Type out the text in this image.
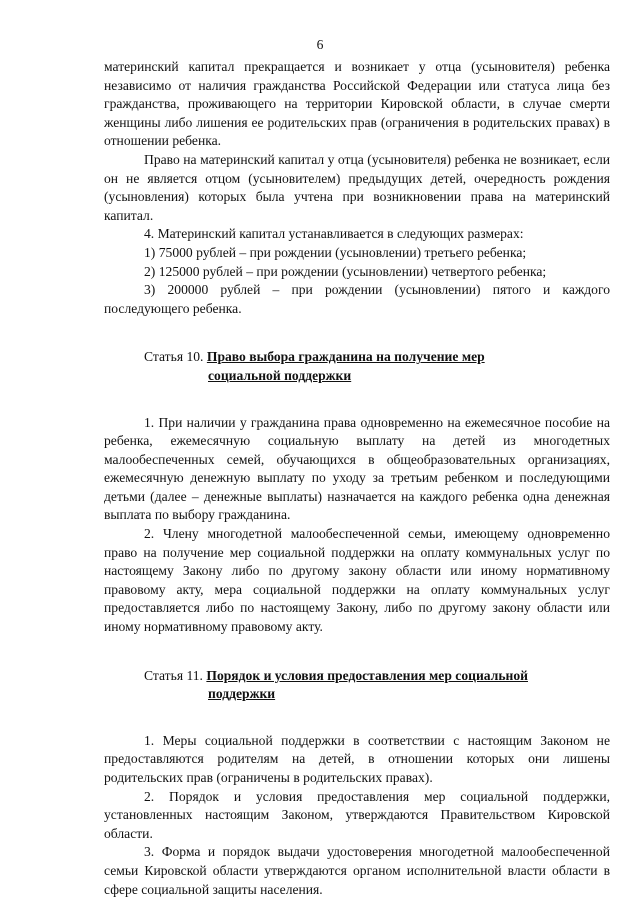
6

материнский капитал прекращается и возникает у отца (усыновителя) ребенка независимо от наличия гражданства Российской Федерации или статуса лица без гражданства, проживающего на территории Кировской области, в случае смерти женщины либо лишения ее родительских прав (ограничения в родительских правах) в отношении ребенка.

Право на материнский капитал у отца (усыновителя) ребенка не возникает, если он не является отцом (усыновителем) предыдущих детей, очередность рождения (усыновления) которых была учтена при возникновении права на материнский капитал.

4. Материнский капитал устанавливается в следующих размерах:

1) 75000 рублей – при рождении (усыновлении) третьего ребенка;

2) 125000 рублей – при рождении (усыновлении) четвертого ребенка;

3) 200000 рублей – при рождении (усыновлении) пятого и каждого последующего ребенка.

Статья 10. Право выбора гражданина на получение мер
социальной поддержки

1. При наличии у гражданина права одновременно на ежемесячное пособие на ребенка, ежемесячную социальную выплату на детей из многодетных малообеспеченных семей, обучающихся в общеобразовательных организациях, ежемесячную денежную выплату по уходу за третьим ребенком и последующими детьми (далее – денежные выплаты) назначается на каждого ребенка одна денежная выплата по выбору гражданина.

2. Члену многодетной малообеспеченной семьи, имеющему одновременно право на получение мер социальной поддержки на оплату коммунальных услуг по настоящему Закону либо по другому закону области или иному нормативному правовому акту, мера социальной поддержки на оплату коммунальных услуг предоставляется либо по настоящему Закону, либо по другому закону области или иному нормативному правовому акту.

Статья 11. Порядок и условия предоставления мер социальной
поддержки

1. Меры социальной поддержки в соответствии с настоящим Законом не предоставляются родителям на детей, в отношении которых они лишены родительских прав (ограничены в родительских правах).

2. Порядок и условия предоставления мер социальной поддержки, установленных настоящим Законом, утверждаются Правительством Кировской области.

3. Форма и порядок выдачи удостоверения многодетной малообеспеченной семьи Кировской области утверждаются органом исполнительной власти области в сфере социальной защиты населения.
